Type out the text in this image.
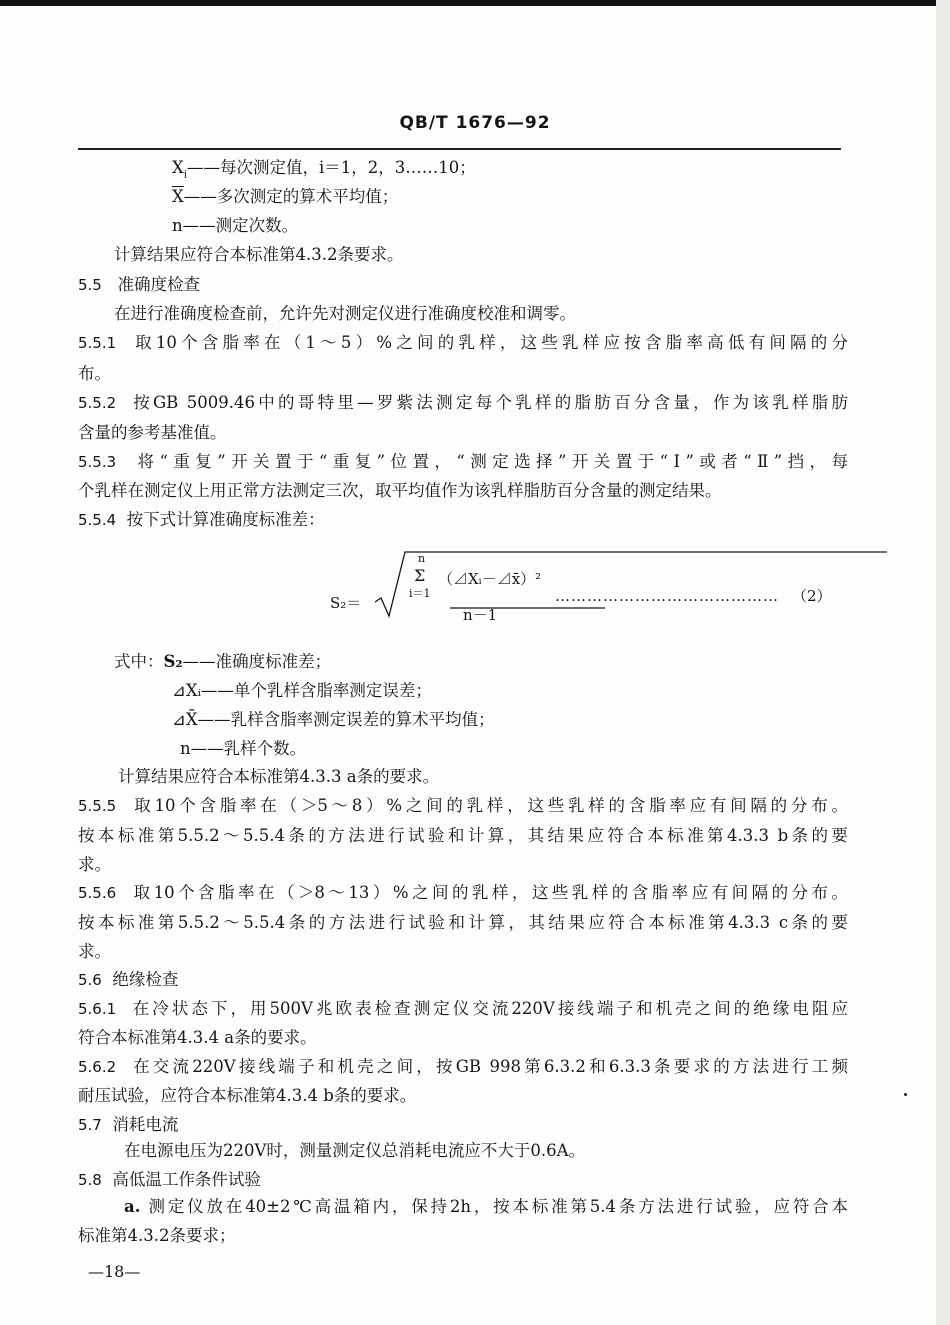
QB/T 1676—92
$X_i——$每次测定值，i＝1，2，3……10；
$\overline{X}——$多次测定的算术平均值；
n——测定次数。
计算结果应符合本标准第4.3.2条要求。
5.5 准确度检查
在进行准确度检查前，允许先对测定仪进行准确度校准和调零。
5.5.1 取10个含脂率在（1～5）%之间的乳样，这些乳样应按含脂率高低有间隔的分
布。
5.5.2 按GB 5009.46中的哥特里—罗紫法测定每个乳样的脂肪百分含量，作为该乳样脂肪
含量的参考基准值。
5.5.3 将“重复”开关置于“重复”位置，“测定选择”开关置于“Ⅰ”或者“Ⅱ”挡，每
个乳样在测定仪上用正常方法测定三次，取平均值作为该乳样脂肪百分含量的测定结果。
5.5.4 按下式计算准确度标准差：
S₂＝
n
Σ
i＝1
（⊿Xᵢ－⊿x̄）²
……………………………………
n－1
（2）
式中：S₂——准确度标准差；
⊿Xᵢ——单个乳样含脂率测定误差；
⊿X̄——乳样含脂率测定误差的算术平均值；
n——乳样个数。
计算结果应符合本标准第4.3.3 a条的要求。
5.5.5 取10个含脂率在（＞5～8）%之间的乳样，这些乳样的含脂率应有间隔的分布。
按本标准第5.5.2～5.5.4条的方法进行试验和计算，其结果应符合本标准第4.3.3 b条的要
求。
5.5.6 取10个含脂率在（＞8～13）%之间的乳样，这些乳样的含脂率应有间隔的分布。
按本标准第5.5.2～5.5.4条的方法进行试验和计算，其结果应符合本标准第4.3.3 c条的要
求。
5.6 绝缘检查
5.6.1 在冷状态下，用500V兆欧表检查测定仪交流220V接线端子和机壳之间的绝缘电阻应
符合本标准第4.3.4 a条的要求。
5.6.2 在交流220V接线端子和机壳之间，按GB 998第6.3.2和6.3.3条要求的方法进行工频
耐压试验，应符合本标准第4.3.4 b条的要求。
5.7 消耗电流
在电源电压为220V时，测量测定仪总消耗电流应不大于0.6A。
5.8 高低温工作条件试验
a. 测定仪放在40±2℃高温箱内，保持2h，按本标准第5.4条方法进行试验，应符合本
标准第4.3.2条要求；
—18—
